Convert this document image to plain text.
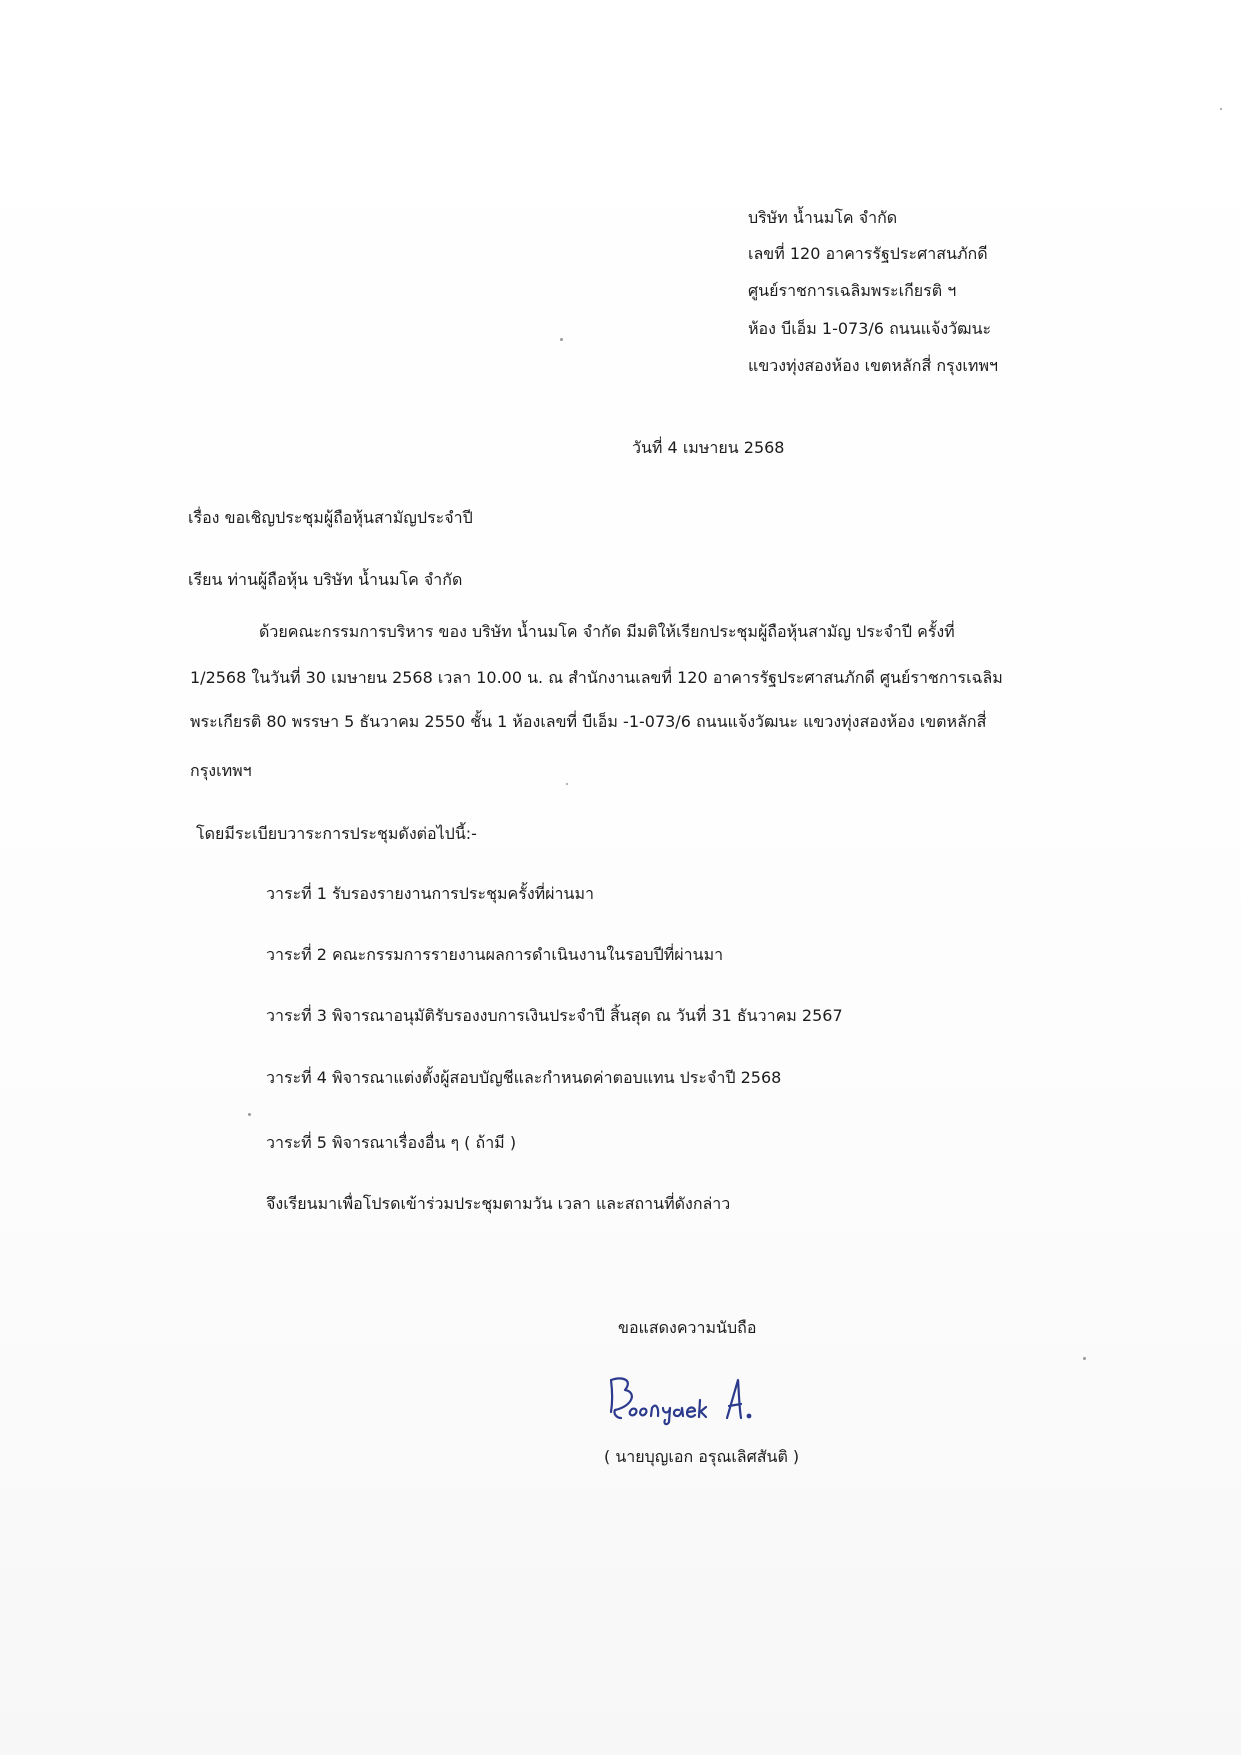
บริษัท น้ำนมโค จำกัด
เลขที่ 120 อาคารรัฐประศาสนภักดี
ศูนย์ราชการเฉลิมพระเกียรติ ฯ
ห้อง บีเอ็ม 1-073/6 ถนนแจ้งวัฒนะ
แขวงทุ่งสองห้อง เขตหลักสี่ กรุงเทพฯ
วันที่ 4 เมษายน 2568
เรื่อง ขอเชิญประชุมผู้ถือหุ้นสามัญประจำปี
เรียน ท่านผู้ถือหุ้น บริษัท น้ำนมโค จำกัด
ด้วยคณะกรรมการบริหาร ของ บริษัท น้ำนมโค จำกัด มีมติให้เรียกประชุมผู้ถือหุ้นสามัญ ประจำปี ครั้งที่
1/2568 ในวันที่ 30 เมษายน 2568 เวลา 10.00 น. ณ สำนักงานเลขที่ 120 อาคารรัฐประศาสนภักดี ศูนย์ราชการเฉลิม
พระเกียรติ 80 พรรษา 5 ธันวาคม 2550 ชั้น 1 ห้องเลขที่ บีเอ็ม -1-073/6 ถนนแจ้งวัฒนะ แขวงทุ่งสองห้อง เขตหลักสี่
กรุงเทพฯ
โดยมีระเบียบวาระการประชุมดังต่อไปนี้:-
วาระที่ 1 รับรองรายงานการประชุมครั้งที่ผ่านมา
วาระที่ 2 คณะกรรมการรายงานผลการดำเนินงานในรอบปีที่ผ่านมา
วาระที่ 3 พิจารณาอนุมัติรับรองงบการเงินประจำปี สิ้นสุด ณ วันที่ 31 ธันวาคม 2567
วาระที่ 4 พิจารณาแต่งตั้งผู้สอบบัญชีและกำหนดค่าตอบแทน ประจำปี 2568
วาระที่ 5 พิจารณาเรื่องอื่น ๆ ( ถ้ามี )
จึงเรียนมาเพื่อโปรดเข้าร่วมประชุมตามวัน เวลา และสถานที่ดังกล่าว
ขอแสดงความนับถือ
( นายบุญเอก อรุณเลิศสันติ )
